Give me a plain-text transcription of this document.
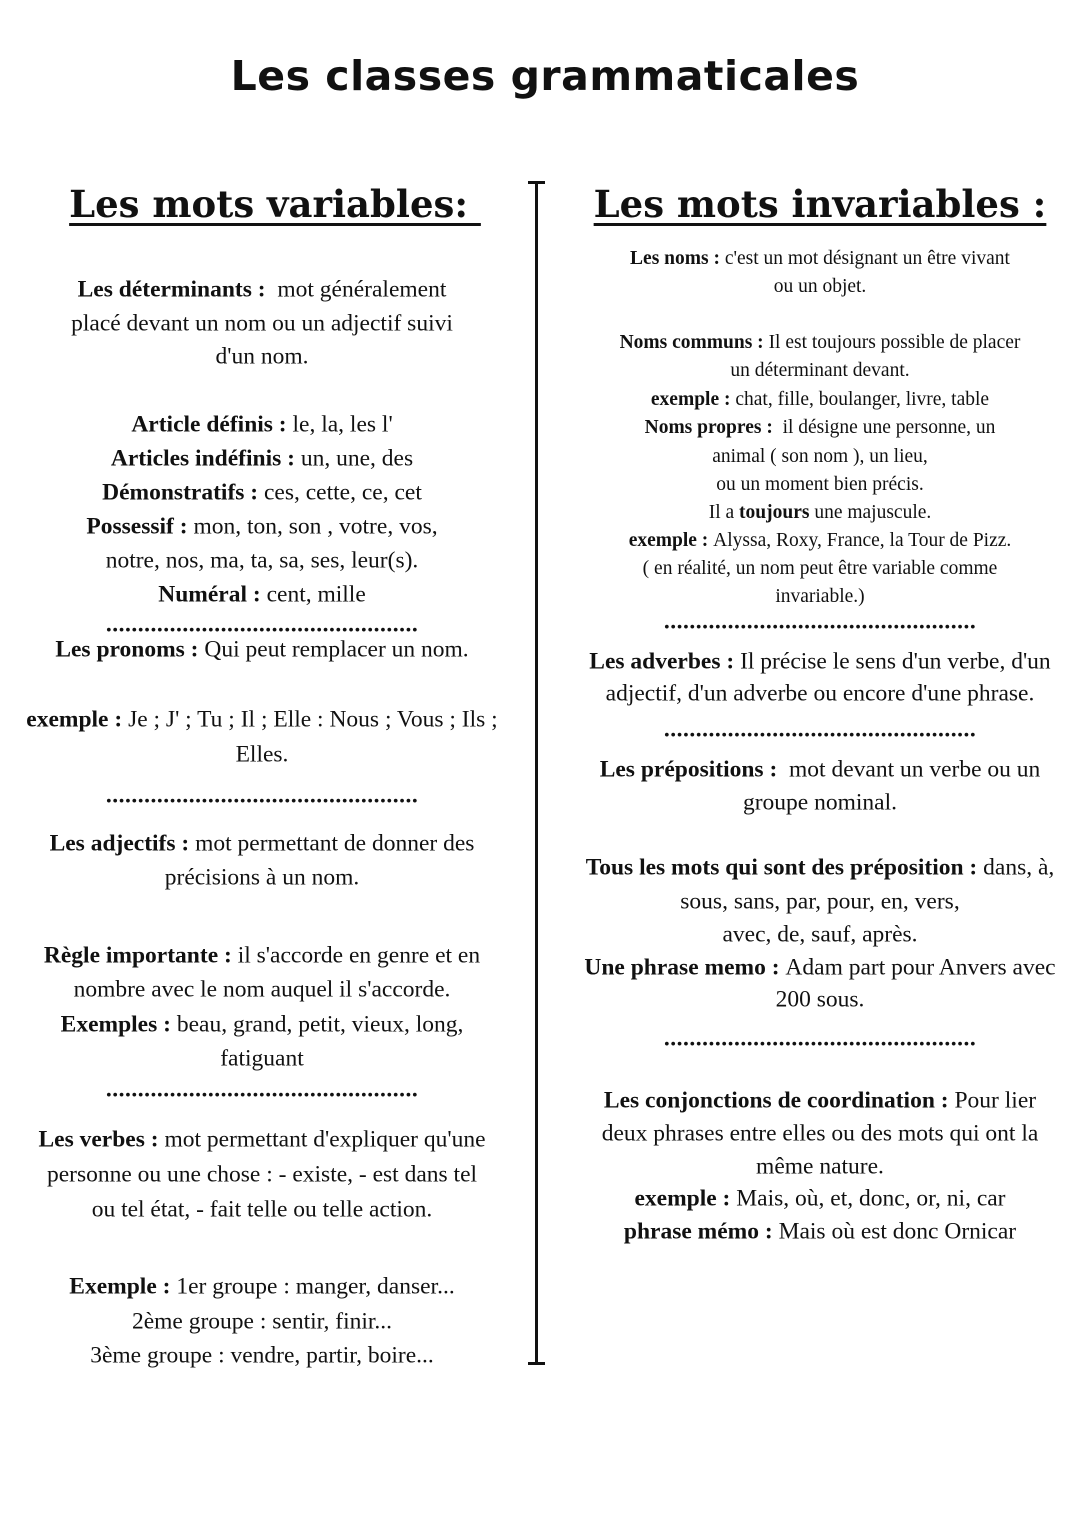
Les classes grammaticales
Les mots variables:	Les mots invariables :
Les déterminants :  mot généralement
placé devant un nom ou un adjectif suivi
d'un nom.
Article définis : le, la, les l'
Articles indéfinis : un, une, des
Démonstratifs : ces, cette, ce, cet
Possessif : mon, ton, son , votre, vos,
notre, nos, ma, ta, sa, ses, leur(s).
Numéral : cent, mille
.................................................
Les pronoms : Qui peut remplacer un nom.
exemple : Je ; J' ; Tu ; Il ; Elle : Nous ; Vous ; Ils ;
Elles.
.................................................
Les adjectifs : mot permettant de donner des
précisions à un nom.
Règle importante : il s'accorde en genre et en
nombre avec le nom auquel il s'accorde.
Exemples : beau, grand, petit, vieux, long,
fatiguant
.................................................
Les verbes : mot permettant d'expliquer qu'une
personne ou une chose : - existe, - est dans tel
ou tel état, - fait telle ou telle action.
Exemple : 1er groupe : manger, danser...
2ème groupe : sentir, finir...
3ème groupe : vendre, partir, boire...
Les noms : c'est un mot désignant un être vivant
ou un objet.
Noms communs : Il est toujours possible de placer
un déterminant devant.
exemple : chat, fille, boulanger, livre, table
Noms propres :  il désigne une personne, un
animal ( son nom ), un lieu,
ou un moment bien précis.
Il a toujours une majuscule.
exemple : Alyssa, Roxy, France, la Tour de Pizz.
( en réalité, un nom peut être variable comme
invariable.)
.................................................
Les adverbes : Il précise le sens d'un verbe, d'un
adjectif, d'un adverbe ou encore d'une phrase.
.................................................
Les prépositions :  mot devant un verbe ou un
groupe nominal.
Tous les mots qui sont des préposition : dans, à,
sous, sans, par, pour, en, vers,
avec, de, sauf, après.
Une phrase memo : Adam part pour Anvers avec
200 sous.
.................................................
Les conjonctions de coordination : Pour lier
deux phrases entre elles ou des mots qui ont la
même nature.
exemple : Mais, où, et, donc, or, ni, car
phrase mémo : Mais où est donc Ornicar
